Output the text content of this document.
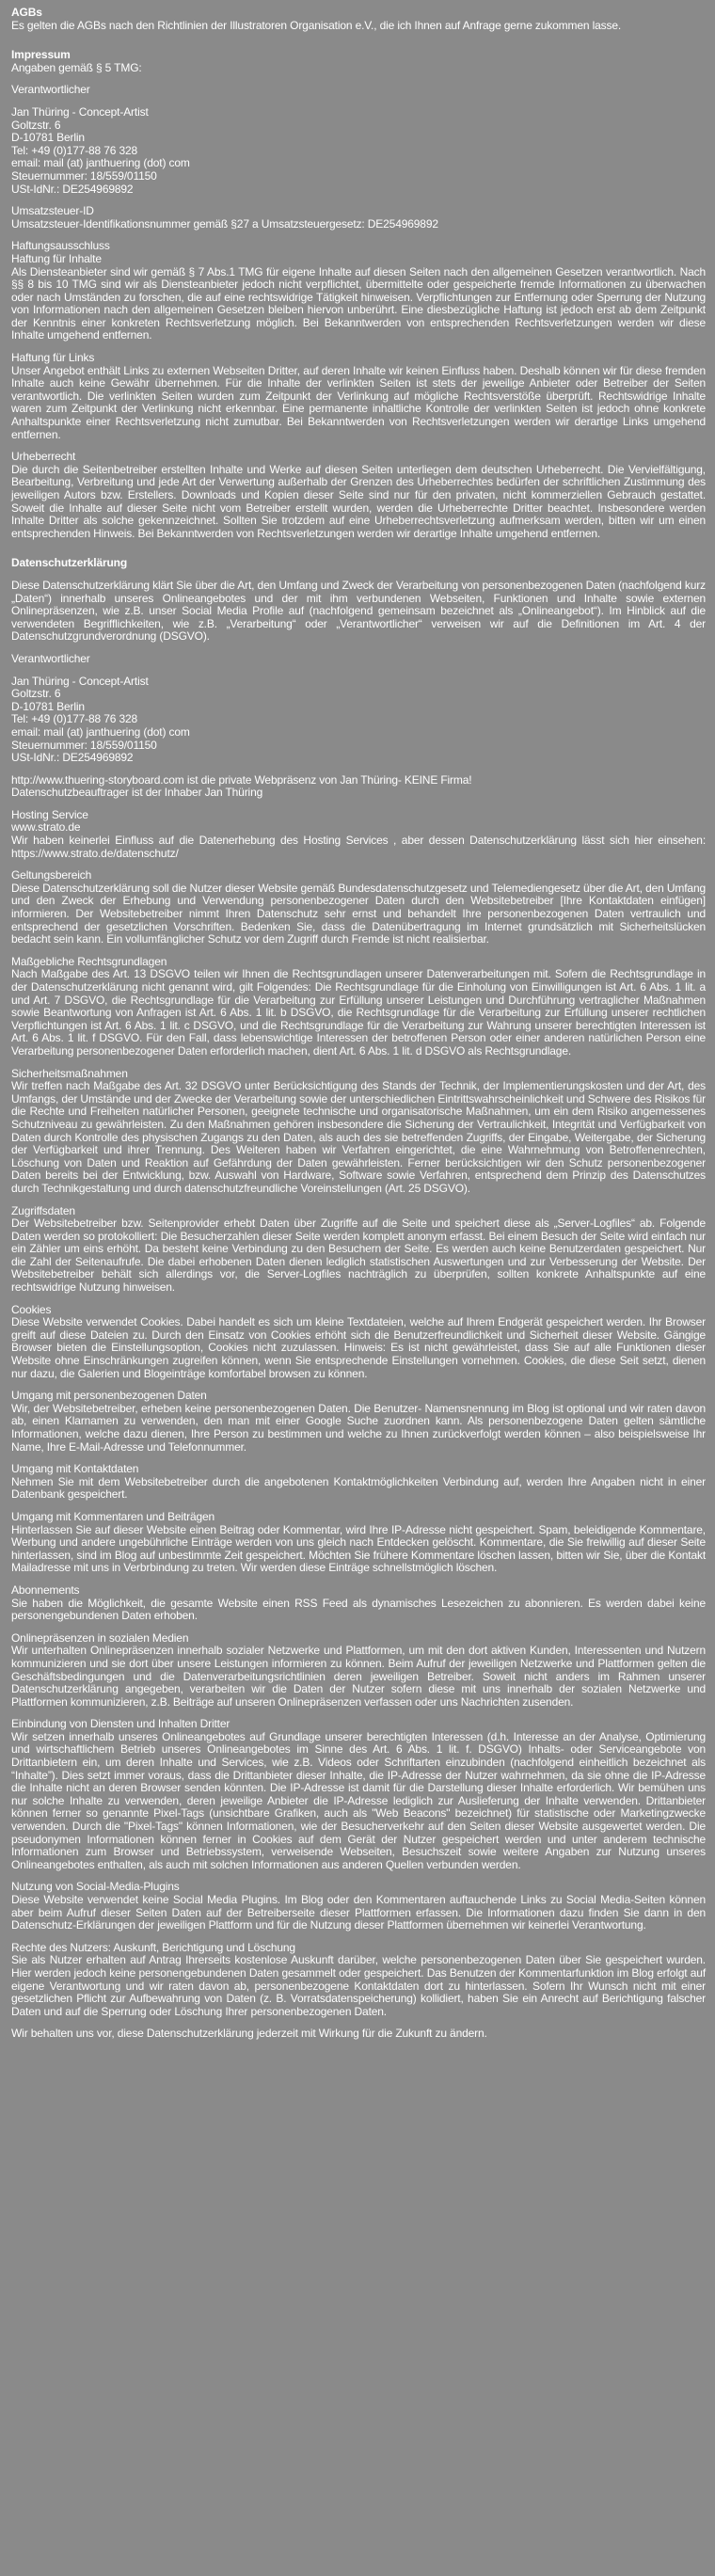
AGBs
Es gelten die AGBs nach den Richtlinien der Illustratoren Organisation e.V., die ich Ihnen auf Anfrage gerne zukommen lasse.
Impressum
Angaben gemäß § 5 TMG:
Verantwortlicher
Jan Thüring - Concept-Artist
Goltzstr. 6
D-10781 Berlin
Tel: +49 (0)177-88 76 328
email: mail (at) janthuering (dot) com
Steuernummer: 18/559/01150
USt-IdNr.: DE254969892
Umsatzsteuer-ID
Umsatzsteuer-Identifikationsnummer gemäß §27 a Umsatzsteuergesetz: DE254969892
Haftungsausschluss
Haftung für Inhalte
Als Diensteanbieter sind wir gemäß § 7 Abs.1 TMG für eigene Inhalte auf diesen Seiten nach den allgemeinen Gesetzen verantwortlich. Nach §§ 8 bis 10 TMG sind wir als Diensteanbieter jedoch nicht verpflichtet, übermittelte oder gespeicherte fremde Informationen zu überwachen oder nach Umständen zu forschen, die auf eine rechtswidrige Tätigkeit hinweisen. Verpflichtungen zur Entfernung oder Sperrung der Nutzung von Informationen nach den allgemeinen Gesetzen bleiben hiervon unberührt. Eine diesbezügliche Haftung ist jedoch erst ab dem Zeitpunkt der Kenntnis einer konkreten Rechtsverletzung möglich. Bei Bekanntwerden von entsprechenden Rechtsverletzungen werden wir diese Inhalte umgehend entfernen.
Haftung für Links
Unser Angebot enthält Links zu externen Webseiten Dritter, auf deren Inhalte wir keinen Einfluss haben. Deshalb können wir für diese fremden Inhalte auch keine Gewähr übernehmen. Für die Inhalte der verlinkten Seiten ist stets der jeweilige Anbieter oder Betreiber der Seiten verantwortlich. Die verlinkten Seiten wurden zum Zeitpunkt der Verlinkung auf mögliche Rechtsverstöße überprüft. Rechtswidrige Inhalte waren zum Zeitpunkt der Verlinkung nicht erkennbar. Eine permanente inhaltliche Kontrolle der verlinkten Seiten ist jedoch ohne konkrete Anhaltspunkte einer Rechtsverletzung nicht zumutbar. Bei Bekanntwerden von Rechtsverletzungen werden wir derartige Links umgehend entfernen.
Urheberrecht
Die durch die Seitenbetreiber erstellten Inhalte und Werke auf diesen Seiten unterliegen dem deutschen Urheberrecht. Die Vervielfältigung, Bearbeitung, Verbreitung und jede Art der Verwertung außerhalb der Grenzen des Urheberrechtes bedürfen der schriftlichen Zustimmung des jeweiligen Autors bzw. Erstellers. Downloads und Kopien dieser Seite sind nur für den privaten, nicht kommerziellen Gebrauch gestattet. Soweit die Inhalte auf dieser Seite nicht vom Betreiber erstellt wurden, werden die Urheberrechte Dritter beachtet. Insbesondere werden Inhalte Dritter als solche gekennzeichnet. Sollten Sie trotzdem auf eine Urheberrechtsverletzung aufmerksam werden, bitten wir um einen entsprechenden Hinweis. Bei Bekanntwerden von Rechtsverletzungen werden wir derartige Inhalte umgehend entfernen.
Datenschutzerklärung
Diese Datenschutzerklärung klärt Sie über die Art, den Umfang und Zweck der Verarbeitung von personenbezogenen Daten (nachfolgend kurz „Daten“) innerhalb unseres Onlineangebotes und der mit ihm verbundenen Webseiten, Funktionen und Inhalte sowie externen Onlinepräsenzen, wie z.B. unser Social Media Profile auf (nachfolgend gemeinsam bezeichnet als „Onlineangebot“). Im Hinblick auf die verwendeten Begrifflichkeiten, wie z.B. „Verarbeitung“ oder „Verantwortlicher“ verweisen wir auf die Definitionen im Art. 4 der Datenschutzgrundverordnung (DSGVO).
Verantwortlicher
Jan Thüring - Concept-Artist
Goltzstr. 6
D-10781 Berlin
Tel: +49 (0)177-88 76 328
email: mail (at) janthuering (dot) com
Steuernummer: 18/559/01150
USt-IdNr.: DE254969892
http://www.thuering-storyboard.com ist die private Webpräsenz von Jan Thüring- KEINE Firma!
Datenschutzbeauftrager ist der Inhaber Jan Thüring
Hosting Service
www.strato.de
Wir haben keinerlei Einfluss auf die Datenerhebung des Hosting Services , aber dessen Datenschutzerklärung lässt sich hier einsehen: https://www.strato.de/datenschutz/
Geltungsbereich
Diese Datenschutzerklärung soll die Nutzer dieser Website gemäß Bundesdatenschutzgesetz und Telemediengesetz über die Art, den Umfang und den Zweck der Erhebung und Verwendung personenbezogener Daten durch den Websitebetreiber [Ihre Kontaktdaten einfügen] informieren. Der Websitebetreiber nimmt Ihren Datenschutz sehr ernst und behandelt Ihre personenbezogenen Daten vertraulich und entsprechend der gesetzlichen Vorschriften. Bedenken Sie, dass die Datenübertragung im Internet grundsätzlich mit Sicherheitslücken bedacht sein kann. Ein vollumfänglicher Schutz vor dem Zugriff durch Fremde ist nicht realisierbar.
Maßgebliche Rechtsgrundlagen
Nach Maßgabe des Art. 13 DSGVO teilen wir Ihnen die Rechtsgrundlagen unserer Datenverarbeitungen mit. Sofern die Rechtsgrundlage in der Datenschutzerklärung nicht genannt wird, gilt Folgendes: Die Rechtsgrundlage für die Einholung von Einwilligungen ist Art. 6 Abs. 1 lit. a und Art. 7 DSGVO, die Rechtsgrundlage für die Verarbeitung zur Erfüllung unserer Leistungen und Durchführung vertraglicher Maßnahmen sowie Beantwortung von Anfragen ist Art. 6 Abs. 1 lit. b DSGVO, die Rechtsgrundlage für die Verarbeitung zur Erfüllung unserer rechtlichen Verpflichtungen ist Art. 6 Abs. 1 lit. c DSGVO, und die Rechtsgrundlage für die Verarbeitung zur Wahrung unserer berechtigten Interessen ist Art. 6 Abs. 1 lit. f DSGVO. Für den Fall, dass lebenswichtige Interessen der betroffenen Person oder einer anderen natürlichen Person eine Verarbeitung personenbezogener Daten erforderlich machen, dient Art. 6 Abs. 1 lit. d DSGVO als Rechtsgrundlage.
Sicherheitsmaßnahmen
Wir treffen nach Maßgabe des Art. 32 DSGVO unter Berücksichtigung des Stands der Technik, der Implementierungskosten und der Art, des Umfangs, der Umstände und der Zwecke der Verarbeitung sowie der unterschiedlichen Eintrittswahrscheinlichkeit und Schwere des Risikos für die Rechte und Freiheiten natürlicher Personen, geeignete technische und organisatorische Maßnahmen, um ein dem Risiko angemessenes Schutzniveau zu gewährleisten. Zu den Maßnahmen gehören insbesondere die Sicherung der Vertraulichkeit, Integrität und Verfügbarkeit von Daten durch Kontrolle des physischen Zugangs zu den Daten, als auch des sie betreffenden Zugriffs, der Eingabe, Weitergabe, der Sicherung der Verfügbarkeit und ihrer Trennung. Des Weiteren haben wir Verfahren eingerichtet, die eine Wahrnehmung von Betroffenenrechten, Löschung von Daten und Reaktion auf Gefährdung der Daten gewährleisten. Ferner berücksichtigen wir den Schutz personenbezogener Daten bereits bei der Entwicklung, bzw. Auswahl von Hardware, Software sowie Verfahren, entsprechend dem Prinzip des Datenschutzes durch Technikgestaltung und durch datenschutzfreundliche Voreinstellungen (Art. 25 DSGVO).
Zugriffsdaten
Der Websitebetreiber bzw. Seitenprovider erhebt Daten über Zugriffe auf die Seite und speichert diese als „Server-Logfiles“ ab. Folgende Daten werden so protokolliert: Die Besucherzahlen dieser Seite werden komplett anonym erfasst. Bei einem Besuch der Seite wird einfach nur ein Zähler um eins erhöht. Da besteht keine Verbindung zu den Besuchern der Seite. Es werden auch keine Benutzerdaten gespeichert. Nur die Zahl der Seitenaufrufe. Die dabei erhobenen Daten dienen lediglich statistischen Auswertungen und zur Verbesserung der Website. Der Websitebetreiber behält sich allerdings vor, die Server-Logfiles nachträglich zu überprüfen, sollten konkrete Anhaltspunkte auf eine rechtswidrige Nutzung hinweisen.
Cookies
Diese Website verwendet Cookies. Dabei handelt es sich um kleine Textdateien, welche auf Ihrem Endgerät gespeichert werden. Ihr Browser greift auf diese Dateien zu. Durch den Einsatz von Cookies erhöht sich die Benutzerfreundlichkeit und Sicherheit dieser Website. Gängige Browser bieten die Einstellungsoption, Cookies nicht zuzulassen. Hinweis: Es ist nicht gewährleistet, dass Sie auf alle Funktionen dieser Website ohne Einschränkungen zugreifen können, wenn Sie entsprechende Einstellungen vornehmen. Cookies, die diese Seit setzt, dienen nur dazu, die Galerien und Blogeinträge komfortabel browsen zu können.
Umgang mit personenbezogenen Daten
Wir, der Websitebetreiber, erheben keine personenbezogenen Daten. Die Benutzer- Namensnennung im Blog ist optional und wir raten davon ab, einen Klarnamen zu verwenden, den man mit einer Google Suche zuordnen kann. Als personenbezogene Daten gelten sämtliche Informationen, welche dazu dienen, Ihre Person zu bestimmen und welche zu Ihnen zurückverfolgt werden können – also beispielsweise Ihr Name, Ihre E-Mail-Adresse und Telefonnummer.
Umgang mit Kontaktdaten
Nehmen Sie mit dem Websitebetreiber durch die angebotenen Kontaktmöglichkeiten Verbindung auf, werden Ihre Angaben nicht in einer Datenbank gespeichert.
Umgang mit Kommentaren und Beiträgen
Hinterlassen Sie auf dieser Website einen Beitrag oder Kommentar, wird Ihre IP-Adresse nicht gespeichert. Spam, beleidigende Kommentare, Werbung und andere ungebührliche Einträge werden von uns gleich nach Entdecken gelöscht. Kommentare, die Sie freiwillig auf dieser Seite hinterlassen, sind im Blog auf unbestimmte Zeit gespeichert. Möchten Sie frühere Kommentare löschen lassen, bitten wir Sie, über die Kontakt Mailadresse mit uns in Verbrbindung zu treten. Wir werden diese Einträge schnellstmöglich löschen.
Abonnements
Sie haben die Möglichkeit, die gesamte Website einen RSS Feed als dynamisches Lesezeichen zu abonnieren. Es werden dabei keine personengebundenen Daten erhoben.
Onlinepräsenzen in sozialen Medien
Wir unterhalten Onlinepräsenzen innerhalb sozialer Netzwerke und Plattformen, um mit den dort aktiven Kunden, Interessenten und Nutzern kommunizieren und sie dort über unsere Leistungen informieren zu können. Beim Aufruf der jeweiligen Netzwerke und Plattformen gelten die Geschäftsbedingungen und die Datenverarbeitungsrichtlinien deren jeweiligen Betreiber. Soweit nicht anders im Rahmen unserer Datenschutzerklärung angegeben, verarbeiten wir die Daten der Nutzer sofern diese mit uns innerhalb der sozialen Netzwerke und Plattformen kommunizieren, z.B. Beiträge auf unseren Onlinepräsenzen verfassen oder uns Nachrichten zusenden.
Einbindung von Diensten und Inhalten Dritter
Wir setzen innerhalb unseres Onlineangebotes auf Grundlage unserer berechtigten Interessen (d.h. Interesse an der Analyse, Optimierung und wirtschaftlichem Betrieb unseres Onlineangebotes im Sinne des Art. 6 Abs. 1 lit. f. DSGVO) Inhalts- oder Serviceangebote von Drittanbietern ein, um deren Inhalte und Services, wie z.B. Videos oder Schriftarten einzubinden (nachfolgend einheitlich bezeichnet als “Inhalte”). Dies setzt immer voraus, dass die Drittanbieter dieser Inhalte, die IP-Adresse der Nutzer wahrnehmen, da sie ohne die IP-Adresse die Inhalte nicht an deren Browser senden könnten. Die IP-Adresse ist damit für die Darstellung dieser Inhalte erforderlich. Wir bemühen uns nur solche Inhalte zu verwenden, deren jeweilige Anbieter die IP-Adresse lediglich zur Auslieferung der Inhalte verwenden. Drittanbieter können ferner so genannte Pixel-Tags (unsichtbare Grafiken, auch als "Web Beacons" bezeichnet) für statistische oder Marketingzwecke verwenden. Durch die "Pixel-Tags" können Informationen, wie der Besucherverkehr auf den Seiten dieser Website ausgewertet werden. Die pseudonymen Informationen können ferner in Cookies auf dem Gerät der Nutzer gespeichert werden und unter anderem technische Informationen zum Browser und Betriebssystem, verweisende Webseiten, Besuchszeit sowie weitere Angaben zur Nutzung unseres Onlineangebotes enthalten, als auch mit solchen Informationen aus anderen Quellen verbunden werden.
Nutzung von Social-Media-Plugins
Diese Website verwendet keine Social Media Plugins. Im Blog oder den Kommentaren auftauchende Links zu Social Media-Seiten können aber beim Aufruf dieser Seiten Daten auf der Betreiberseite dieser Plattformen erfassen. Die Informationen dazu finden Sie dann in den Datenschutz-Erklärungen der jeweiligen Plattform und für die Nutzung dieser Plattformen übernehmen wir keinerlei Verantwortung.
Rechte des Nutzers: Auskunft, Berichtigung und Löschung
Sie als Nutzer erhalten auf Antrag Ihrerseits kostenlose Auskunft darüber, welche personenbezogenen Daten über Sie gespeichert wurden. Hier werden jedoch keine personengebundenen Daten gesammelt oder gespeichert. Das Benutzen der Kommentarfunktion im Blog erfolgt auf eigene Verantwortung und wir raten davon ab, personenbezogene Kontaktdaten dort zu hinterlassen. Sofern Ihr Wunsch nicht mit einer gesetzlichen Pflicht zur Aufbewahrung von Daten (z. B. Vorratsdatenspeicherung) kollidiert, haben Sie ein Anrecht auf Berichtigung falscher Daten und auf die Sperrung oder Löschung Ihrer personenbezogenen Daten.
Wir behalten uns vor, diese Datenschutzerklärung jederzeit mit Wirkung für die Zukunft zu ändern.
